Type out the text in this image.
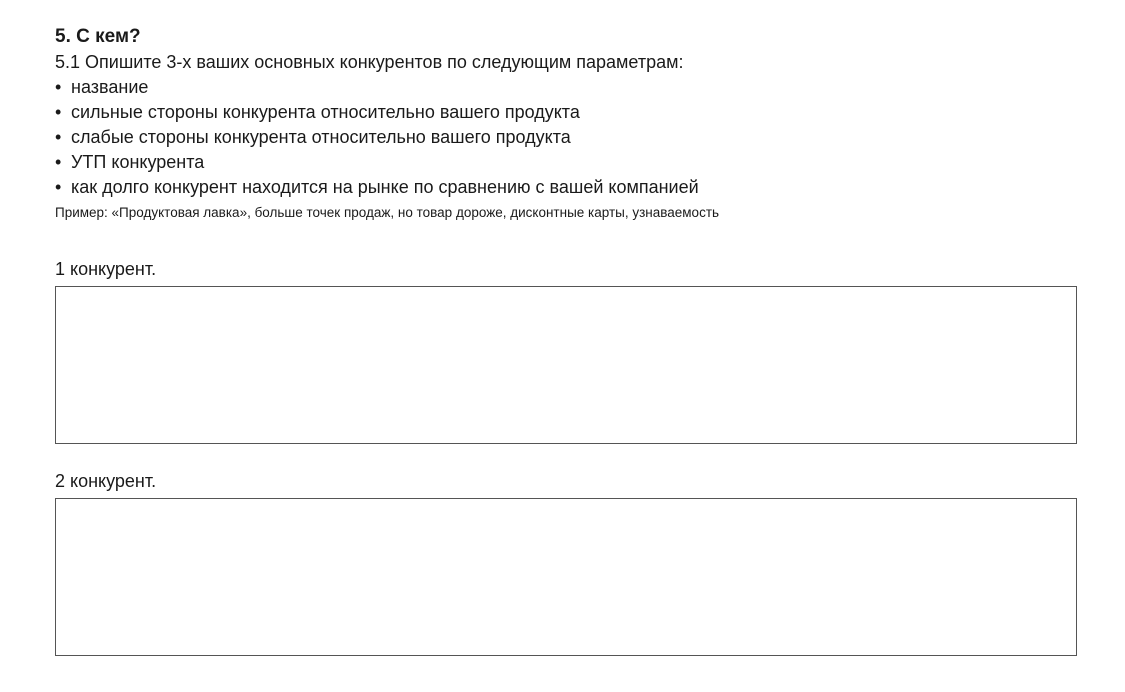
5. С кем?

5.1 Опишите 3-х ваших основных конкурентов по следующим параметрам:

• название
• сильные стороны конкурента относительно вашего продукта
• слабые стороны конкурента относительно вашего продукта
• УТП конкурента
• как долго конкурент находится на рынке по сравнению с вашей компанией

Пример: «Продуктовая лавка», больше точек продаж, но товар дороже, дисконтные карты, узнаваемость

1 конкурент.

2 конкурент.
